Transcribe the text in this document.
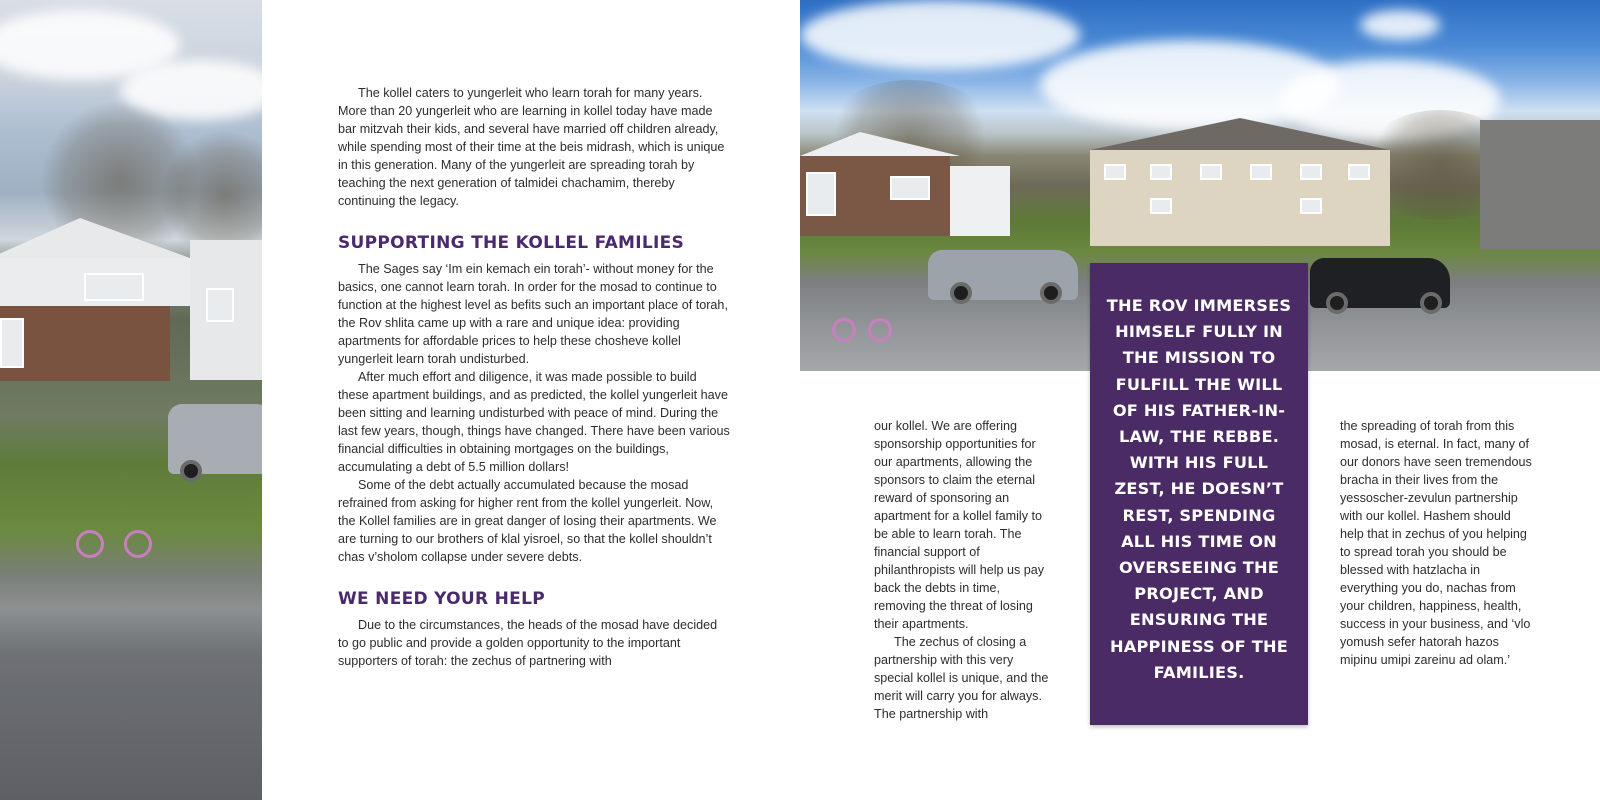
The kollel caters to yungerleit who learn torah for many years. More than 20 yungerleit who are learning in kollel today have made bar mitzvah their kids, and several have married off children already, while spending most of their time at the beis midrash, which is unique in this generation. Many of the yungerleit are spreading torah by teaching the next generation of talmidei chachamim, thereby continuing the legacy.

SUPPORTING THE KOLLEL FAMILIES

The Sages say ‘Im ein kemach ein torah’- without money for the basics, one cannot learn torah. In order for the mosad to continue to function at the highest level as befits such an important place of torah, the Rov shlita came up with a rare and unique idea: providing apartments for affordable prices to help these chosheve kollel yungerleit learn torah undisturbed.

After much effort and diligence, it was made possible to build these apartment buildings, and as predicted, the kollel yungerleit have been sitting and learning undisturbed with peace of mind. During the last few years, though, things have changed. There have been various financial difficulties in obtaining mortgages on the buildings, accumulating a debt of 5.5 million dollars!

Some of the debt actually accumulated because the mosad refrained from asking for higher rent from the kollel yungerleit. Now, the Kollel families are in great danger of losing their apartments. We are turning to our brothers of klal yisroel, so that the kollel shouldn’t chas v’sholom collapse under severe debts.

WE NEED YOUR HELP

Due to the circumstances, the heads of the mosad have decided to go public and provide a golden opportunity to the important supporters of torah: the zechus of partnering with

our kollel. We are offering sponsorship opportunities for our apartments, allowing the sponsors to claim the eternal reward of sponsoring an apartment for a kollel family to be able to learn torah. The financial support of philanthropists will help us pay back the debts in time, removing the threat of losing their apartments.

The zechus of closing a partnership with this very special kollel is unique, and the merit will carry you for always. The partnership with

THE ROV IMMERSES HIMSELF FULLY IN THE MISSION TO FULFILL THE WILL OF HIS FATHER-IN-LAW, THE REBBE. WITH HIS FULL ZEST, HE DOESN’T REST, SPENDING ALL HIS TIME ON OVERSEEING THE PROJECT, AND ENSURING THE HAPPINESS OF THE FAMILIES.

the spreading of torah from this mosad, is eternal. In fact, many of our donors have seen tremendous bracha in their lives from the yessoscher-zevulun partnership with our kollel. Hashem should help that in zechus of you helping to spread torah you should be blessed with hatzlacha in everything you do, nachas from your children, happiness, health, success in your business, and ‘vlo yomush sefer hatorah hazos mipinu umipi zareinu ad olam.’
